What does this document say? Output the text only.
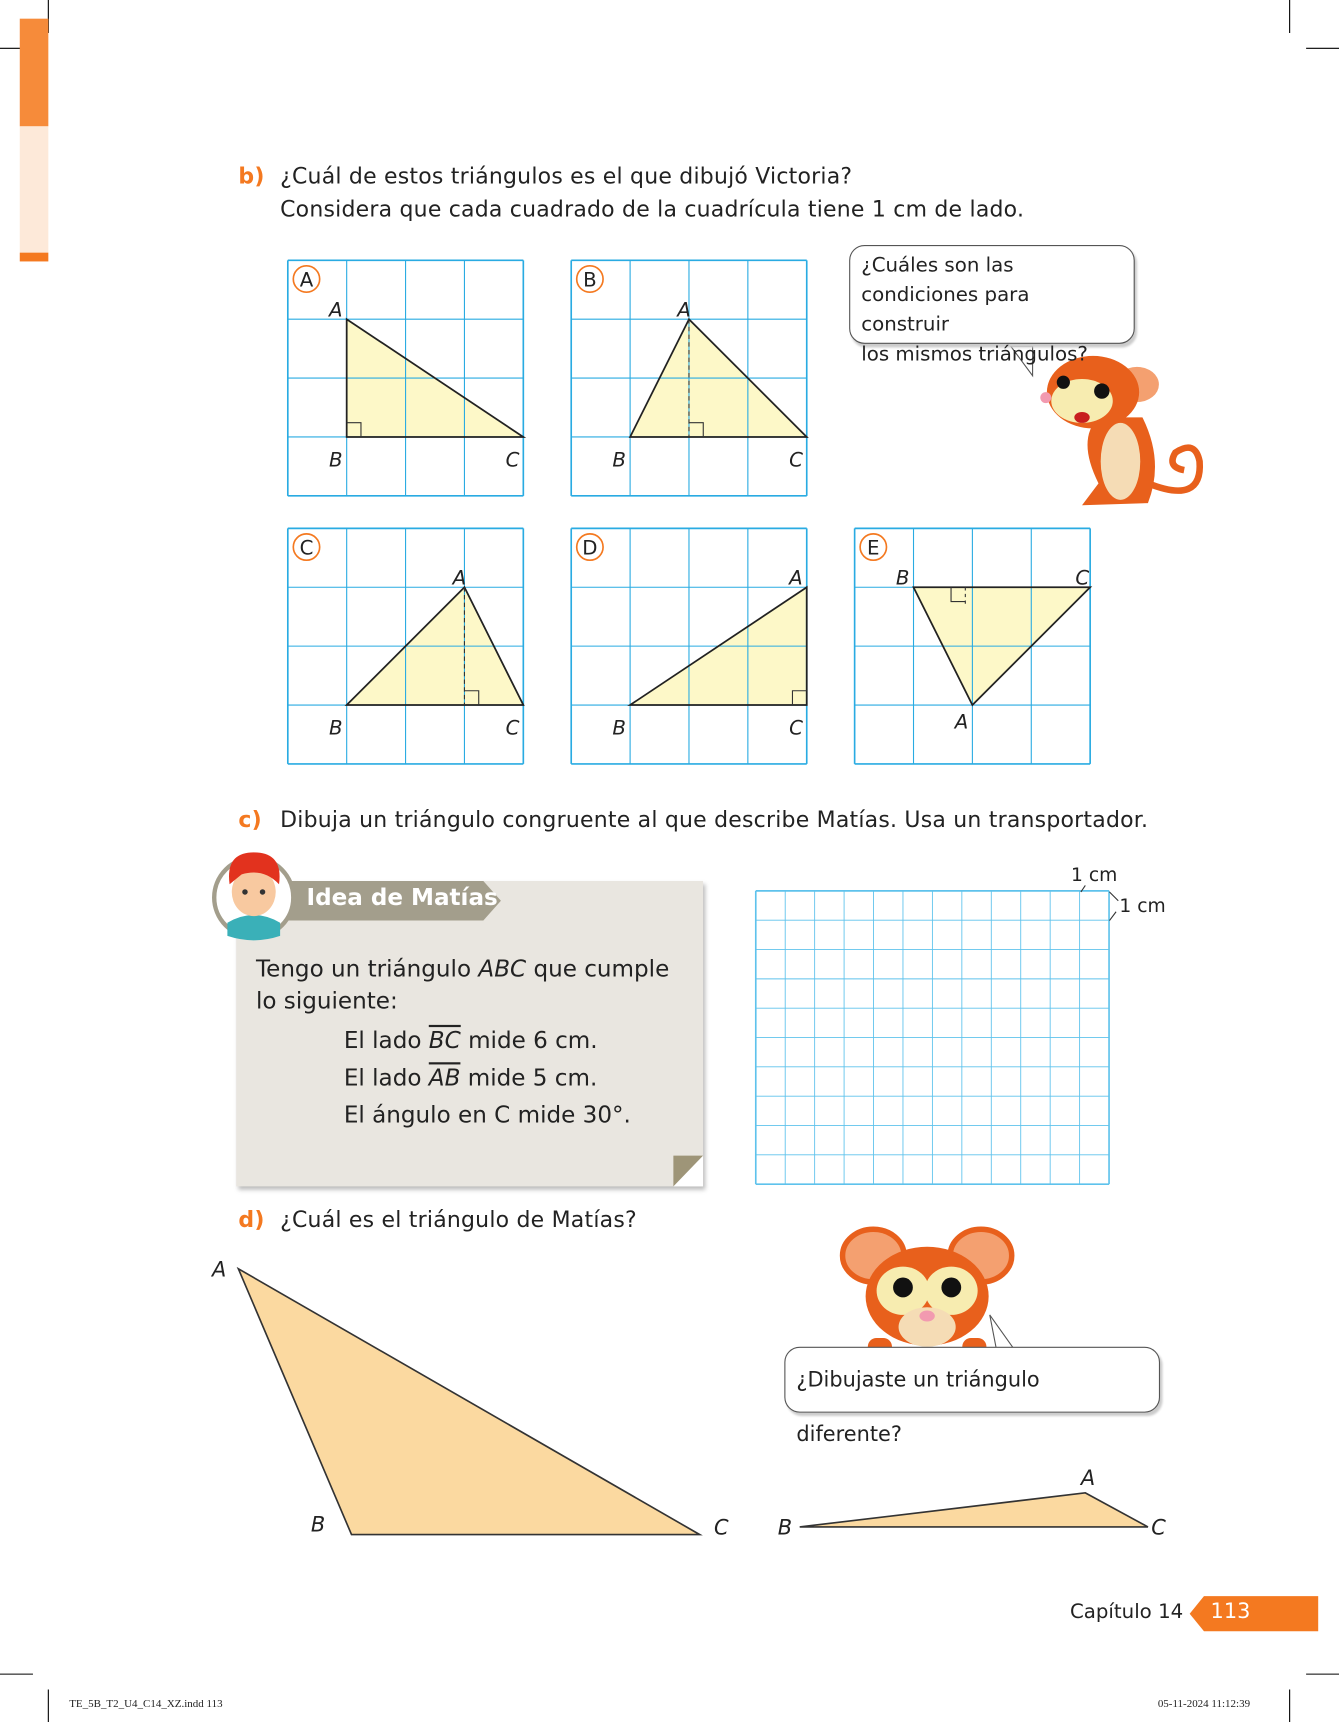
A
A
B	C
B
A
B	C
C
A
B	C
D
A
B	C
E
B	C
A
A
B	C	B
A
C
b) ¿Cuál de estos triángulos es el que dibujó Victoria?
Considera que cada cuadrado de la cuadrícula tiene 1 cm de lado.
¿Cuáles son las
condiciones para construir
los mismos triángulos?
c) Dibuja un triángulo congruente al que describe Matías. Usa un transportador.
Idea de Matías
Tengo un triángulo ABC que cumple
lo siguiente:
El lado $\overline{BC}$ mide 6 cm.
El lado $\overline{AB}$ mide 5 cm.
El ángulo en C mide 30°.
1 cm
1 cm
d) ¿Cuál es el triángulo de Matías?
¿Dibujaste un triángulo diferente?
Capítulo 14 113
TE_5B_T2_U4_C14_XZ.indd 113	05-11-2024 11:12:39
